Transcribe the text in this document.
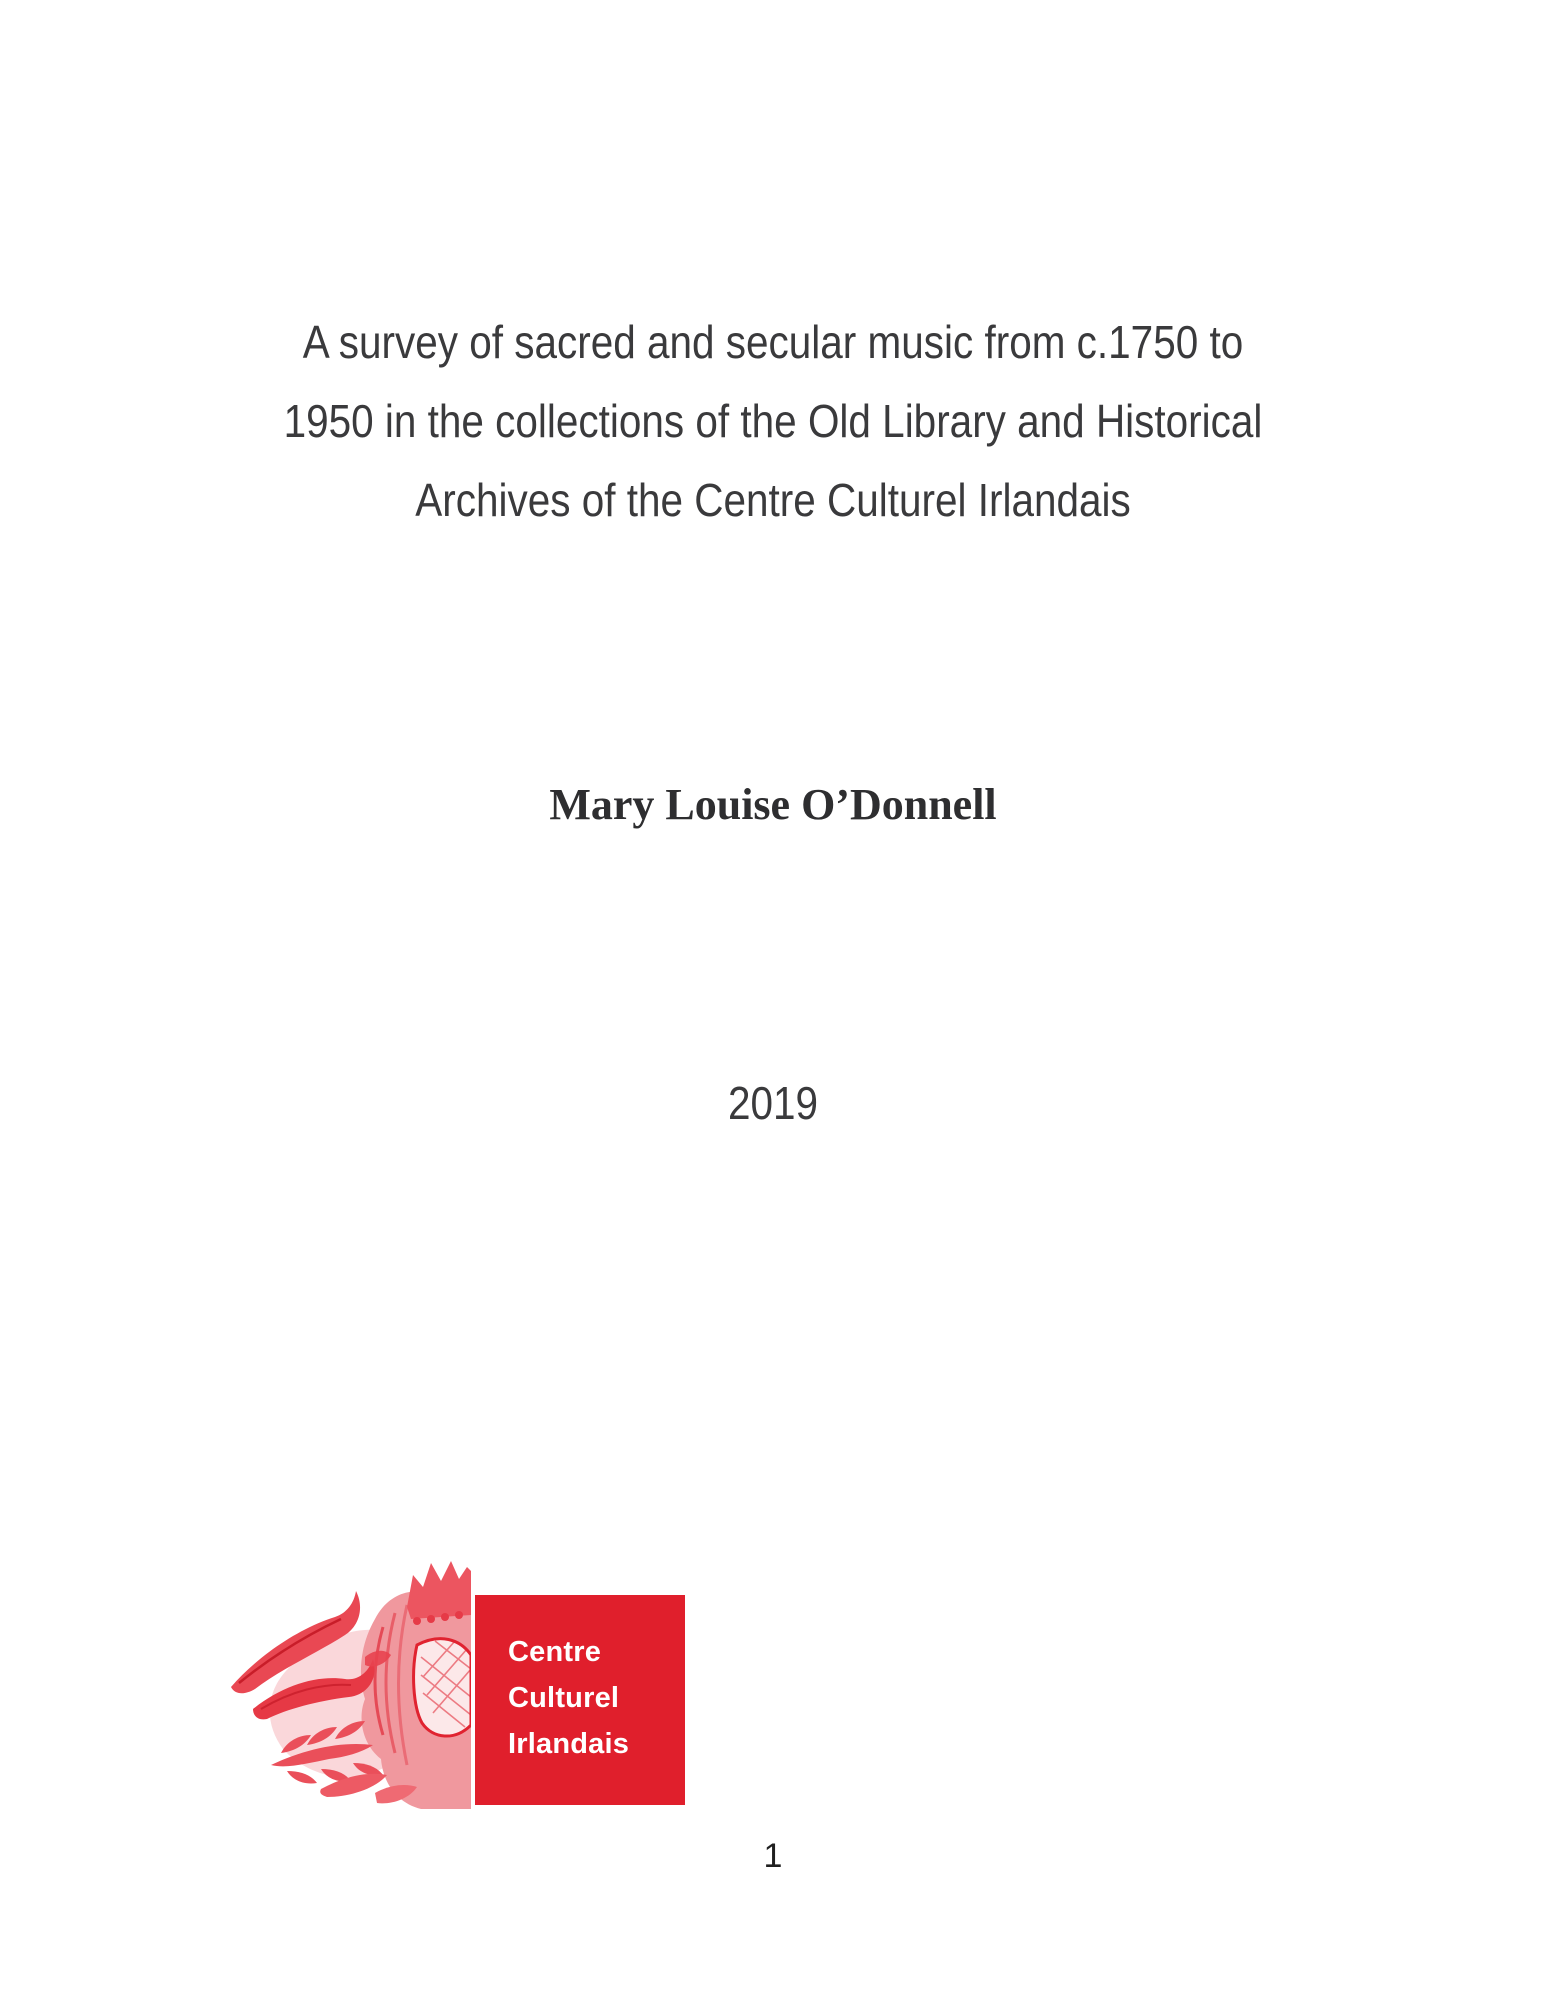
A survey of sacred and secular music from c.1750 to
1950 in the collections of the Old Library and Historical
Archives of the Centre Culturel Irlandais
Mary Louise O’Donnell
2019
Centre
Culturel
Irlandais
1
